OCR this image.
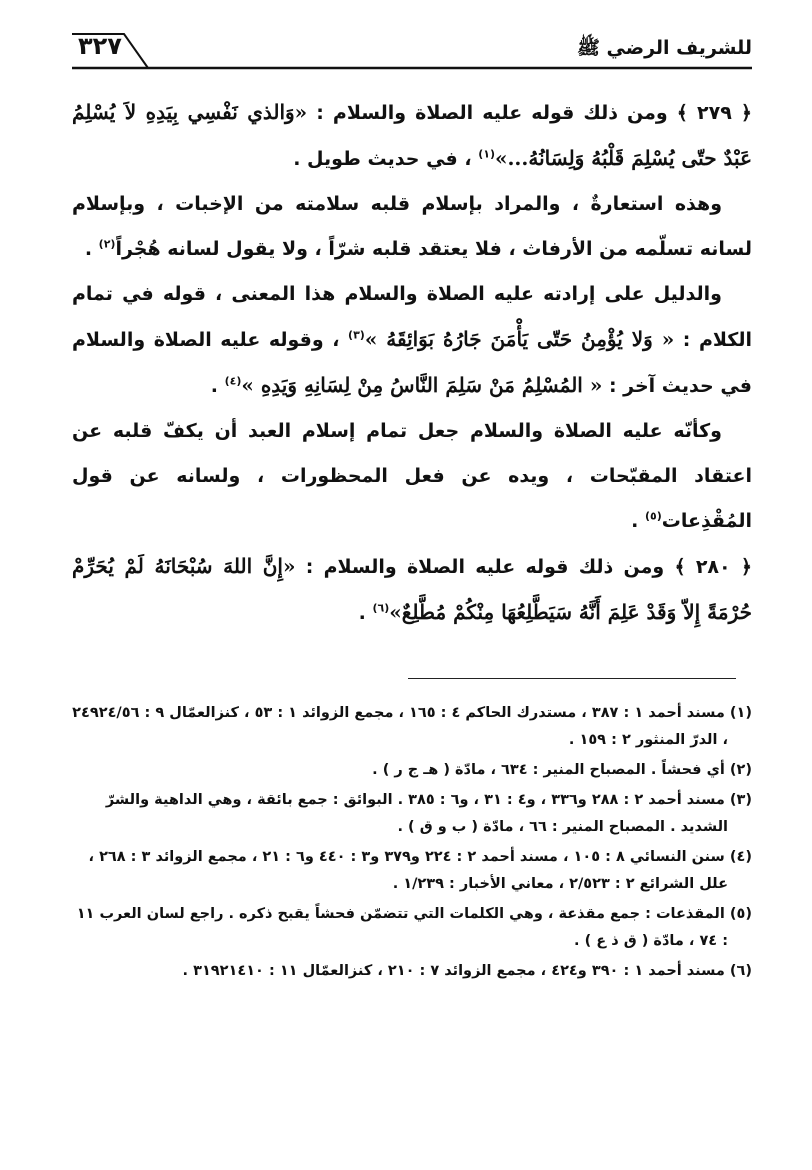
٣٢٧	للشريف الرضي ﷺ

﴿ ٢٧٩ ﴾ ومن ذلك قوله عليه الصلاة والسلام : «وَالذي نَفْسِي بِيَدِهِ لاَ يُسْلِمُ عَبْدٌ حتّى يُسْلِمَ قَلْبُهُ وَلِسَانُهُ...»$^{(١)}$ ، في حديث طويل .

وهذه استعارةٌ ، والمراد بإسلام قلبه سلامته من الإخبات ، وبإسلام لسانه تسلّمه من الأرفاث ، فلا يعتقد قلبه شرّاً ، ولا يقول لسانه هُجْراً$^{(٢)}$ .

والدليل على إرادته عليه الصلاة والسلام هذا المعنى ، قوله في تمام الكلام : « وَلا يُؤْمِنُ حَتّى يَأْمَنَ جَارُهُ بَوَائِقَهُ »$^{(٣)}$ ، وقوله عليه الصلاة والسلام في حديث آخر : « المُسْلِمُ مَنْ سَلِمَ النَّاسُ مِنْ لِسَانِهِ وَيَدِهِ »$^{(٤)}$ .

وكأنّه عليه الصلاة والسلام جعل تمام إسلام العبد أن يكفّ قلبه عن اعتقاد المقبّحات ، ويده عن فعل المحظورات ، ولسانه عن قول المُقْذِعات$^{(٥)}$ .

﴿ ٢٨٠ ﴾ ومن ذلك قوله عليه الصلاة والسلام : «إِنَّ اللهَ سُبْحَانَهُ لَمْ يُحَرِّمْ حُرْمَةً إِلاّ وَقَدْ عَلِمَ أَنَّهُ سَيَطَّلِعُهَا مِنْكُمْ مُطَّلِعٌ»$^{(٦)}$ .

(١) مسند أحمد ١ : ٣٨٧ ، مستدرك الحاكم ٤ : ١٦٥ ، مجمع الزوائد ١ : ٥٣ ، كنزالعمّال ٩ : ٢٤٩٢٤/٥٦ ، الدرّ المنثور ٢ : ١٥٩ .

(٢) أي فحشاً . المصباح المنير : ٦٣٤ ، مادّة ( هـ ج ر ) .

(٣) مسند أحمد ٢ : ٢٨٨ و٣٣٦ ، و٤ : ٣١ ، و٦ : ٣٨٥ . البوائق : جمع بائقة ، وهي الداهية والشرّ الشديد . المصباح المنير : ٦٦ ، مادّة ( ب و ق ) .

(٤) سنن النسائي ٨ : ١٠٥ ، مسند أحمد ٢ : ٢٢٤ و٣٧٩ و٣ : ٤٤٠ و٦ : ٢١ ، مجمع الزوائد ٣ : ٢٦٨ ، علل الشرائع ٢ : ٢/٥٢٣ ، معاني الأخبار : ١/٢٣٩ .

(٥) المقذعات : جمع مقذعة ، وهي الكلمات التي تتضمّن فحشاً يقبح ذكره . راجع لسان العرب ١١ : ٧٤ ، مادّة ( ق ذ ع ) .

(٦) مسند أحمد ١ : ٣٩٠ و٤٢٤ ، مجمع الزوائد ٧ : ٢١٠ ، كنزالعمّال ١١ : ٣١٩٢١٤١٠ .
